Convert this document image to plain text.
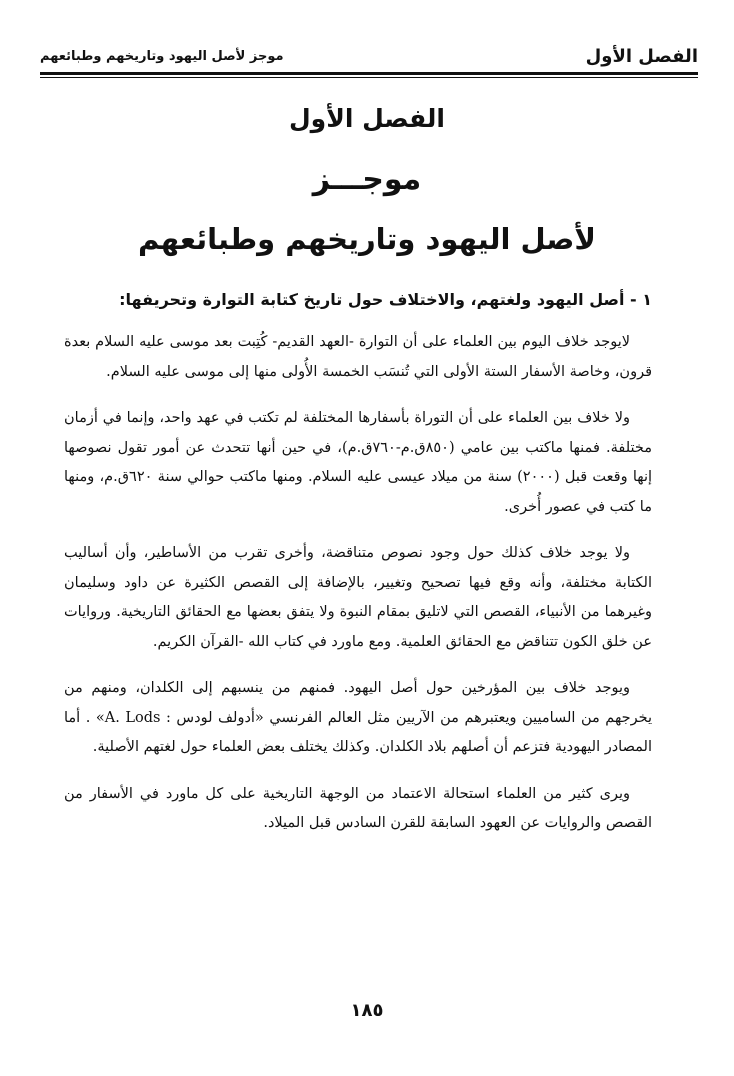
الفصل الأول
موجز لأصل اليهود وتاريخهم وطبائعهم
الفصل الأول
موجـــز
لأصل اليهود وتاريخهم وطبائعهم
١ - أصل اليهود ولغتهم، والاختلاف حول تاريخ كتابة التوارة وتحريفها:

لايوجد خلاف اليوم بين العلماء على أن التوارة -العهد القديم- كُتِبت بعد موسى عليه السلام بعدة قرون، وخاصة الأسفار الستة الأولى التي تُنسَب الخمسة الأُولى منها إلى موسى عليه السلام.

ولا خلاف بين العلماء على أن التوراة بأسفارها المختلفة لم تكتب في عهد واحد، وإنما في أزمان مختلفة. فمنها ماكتب بين عامي (٨٥٠ق.م-٧٦٠ق.م)، في حين أنها تتحدث عن أمور تقول نصوصها إنها وقعت قبل (٢٠٠٠) سنة من ميلاد عيسى عليه السلام. ومنها ماكتب حوالي سنة ٦٢٠ق.م، ومنها ما كتب في عصور أُخرى.

ولا يوجد خلاف كذلك حول وجود نصوص متناقضة، وأخرى تقرب من الأساطير، وأن أساليب الكتابة مختلفة، وأنه وقع فيها تصحيح وتغيير، بالإضافة إلى القصص الكثيرة عن داود وسليمان وغيرهما من الأنبياء، القصص التي لاتليق بمقام النبوة ولا يتفق بعضها مع الحقائق التاريخية. وروايات عن خلق الكون تتناقض مع الحقائق العلمية. ومع ماورد في كتاب الله -القرآن الكريم.

ويوجد خلاف بين المؤرخين حول أصل اليهود. فمنهم من ينسبهم إلى الكلدان، ومنهم من يخرجهم من الساميين ويعتبرهم من الآريين مثل العالم الفرنسي «أدولف لودس : A. Lods» . أما المصادر اليهودية فتزعم أن أصلهم بلاد الكلدان. وكذلك يختلف بعض العلماء حول لغتهم الأصلية.

ويرى كثير من العلماء استحالة الاعتماد من الوجهة التاريخية على كل ماورد في الأسفار من القصص والروايات عن العهود السابقة للقرن السادس قبل الميلاد.

١٨٥
